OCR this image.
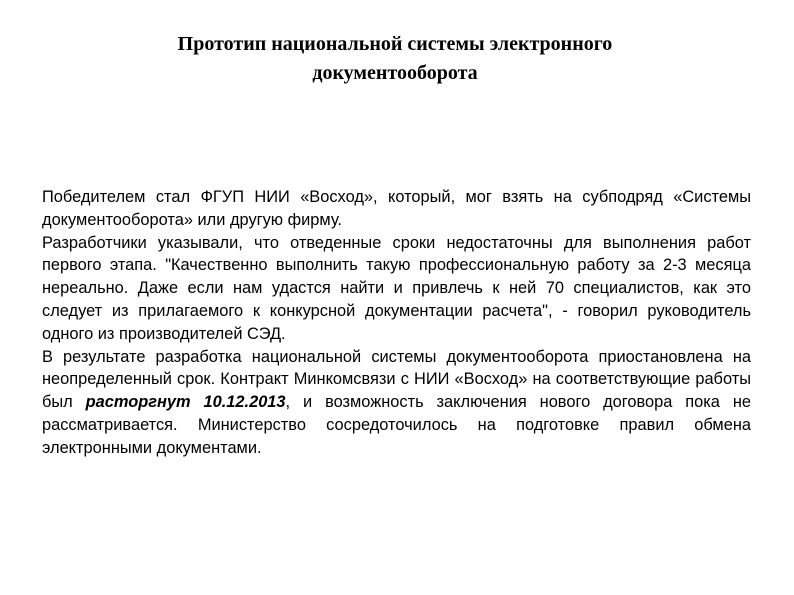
Прототип национальной системы электронного
документооборота

Победителем стал ФГУП НИИ «Восход», который, мог взять на субподряд «Системы документооборота» или другую фирму.

Разработчики указывали, что отведенные сроки недостаточны для выполнения работ первого этапа. "Качественно выполнить такую профессиональную работу за 2-3 месяца нереально. Даже если нам удастся найти и привлечь к ней 70 специалистов, как это следует из прилагаемого к конкурсной документации расчета", - говорил руководитель одного из производителей СЭД.

В результате разработка национальной системы документооборота приостановлена на неопределенный срок. Контракт Минкомсвязи с НИИ «Восход» на соответствующие работы был расторгнут 10.12.2013, и возможность заключения нового договора пока не рассматривается. Министерство сосредоточилось на подготовке правил обмена электронными документами.
